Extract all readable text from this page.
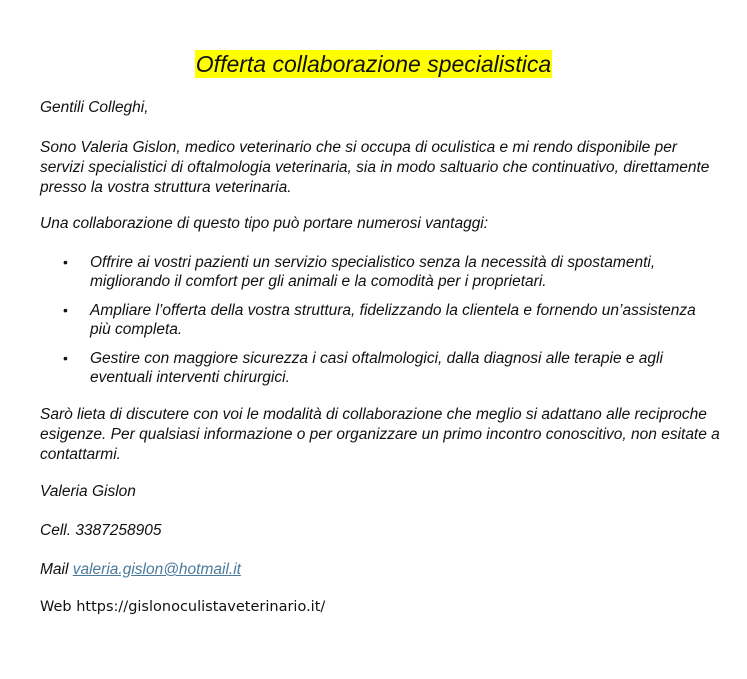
Offerta collaborazione specialistica

Gentili Colleghi,

Sono Valeria Gislon, medico veterinario che si occupa di oculistica e mi rendo disponibile per servizi specialistici di oftalmologia veterinaria, sia in modo saltuario che continuativo, direttamente presso la vostra struttura veterinaria.

Una collaborazione di questo tipo può portare numerosi vantaggi:

• Offrire ai vostri pazienti un servizio specialistico senza la necessità di spostamenti, migliorando il comfort per gli animali e la comodità per i proprietari.
• Ampliare l’offerta della vostra struttura, fidelizzando la clientela e fornendo un’assistenza più completa.
• Gestire con maggiore sicurezza i casi oftalmologici, dalla diagnosi alle terapie e agli eventuali interventi chirurgici.

Sarò lieta di discutere con voi le modalità di collaborazione che meglio si adattano alle reciproche esigenze. Per qualsiasi informazione o per organizzare un primo incontro conoscitivo, non esitate a contattarmi.

Valeria Gislon

Cell. 3387258905

Mail valeria.gislon@hotmail.it

Web https://gislonoculistaveterinario.it/
